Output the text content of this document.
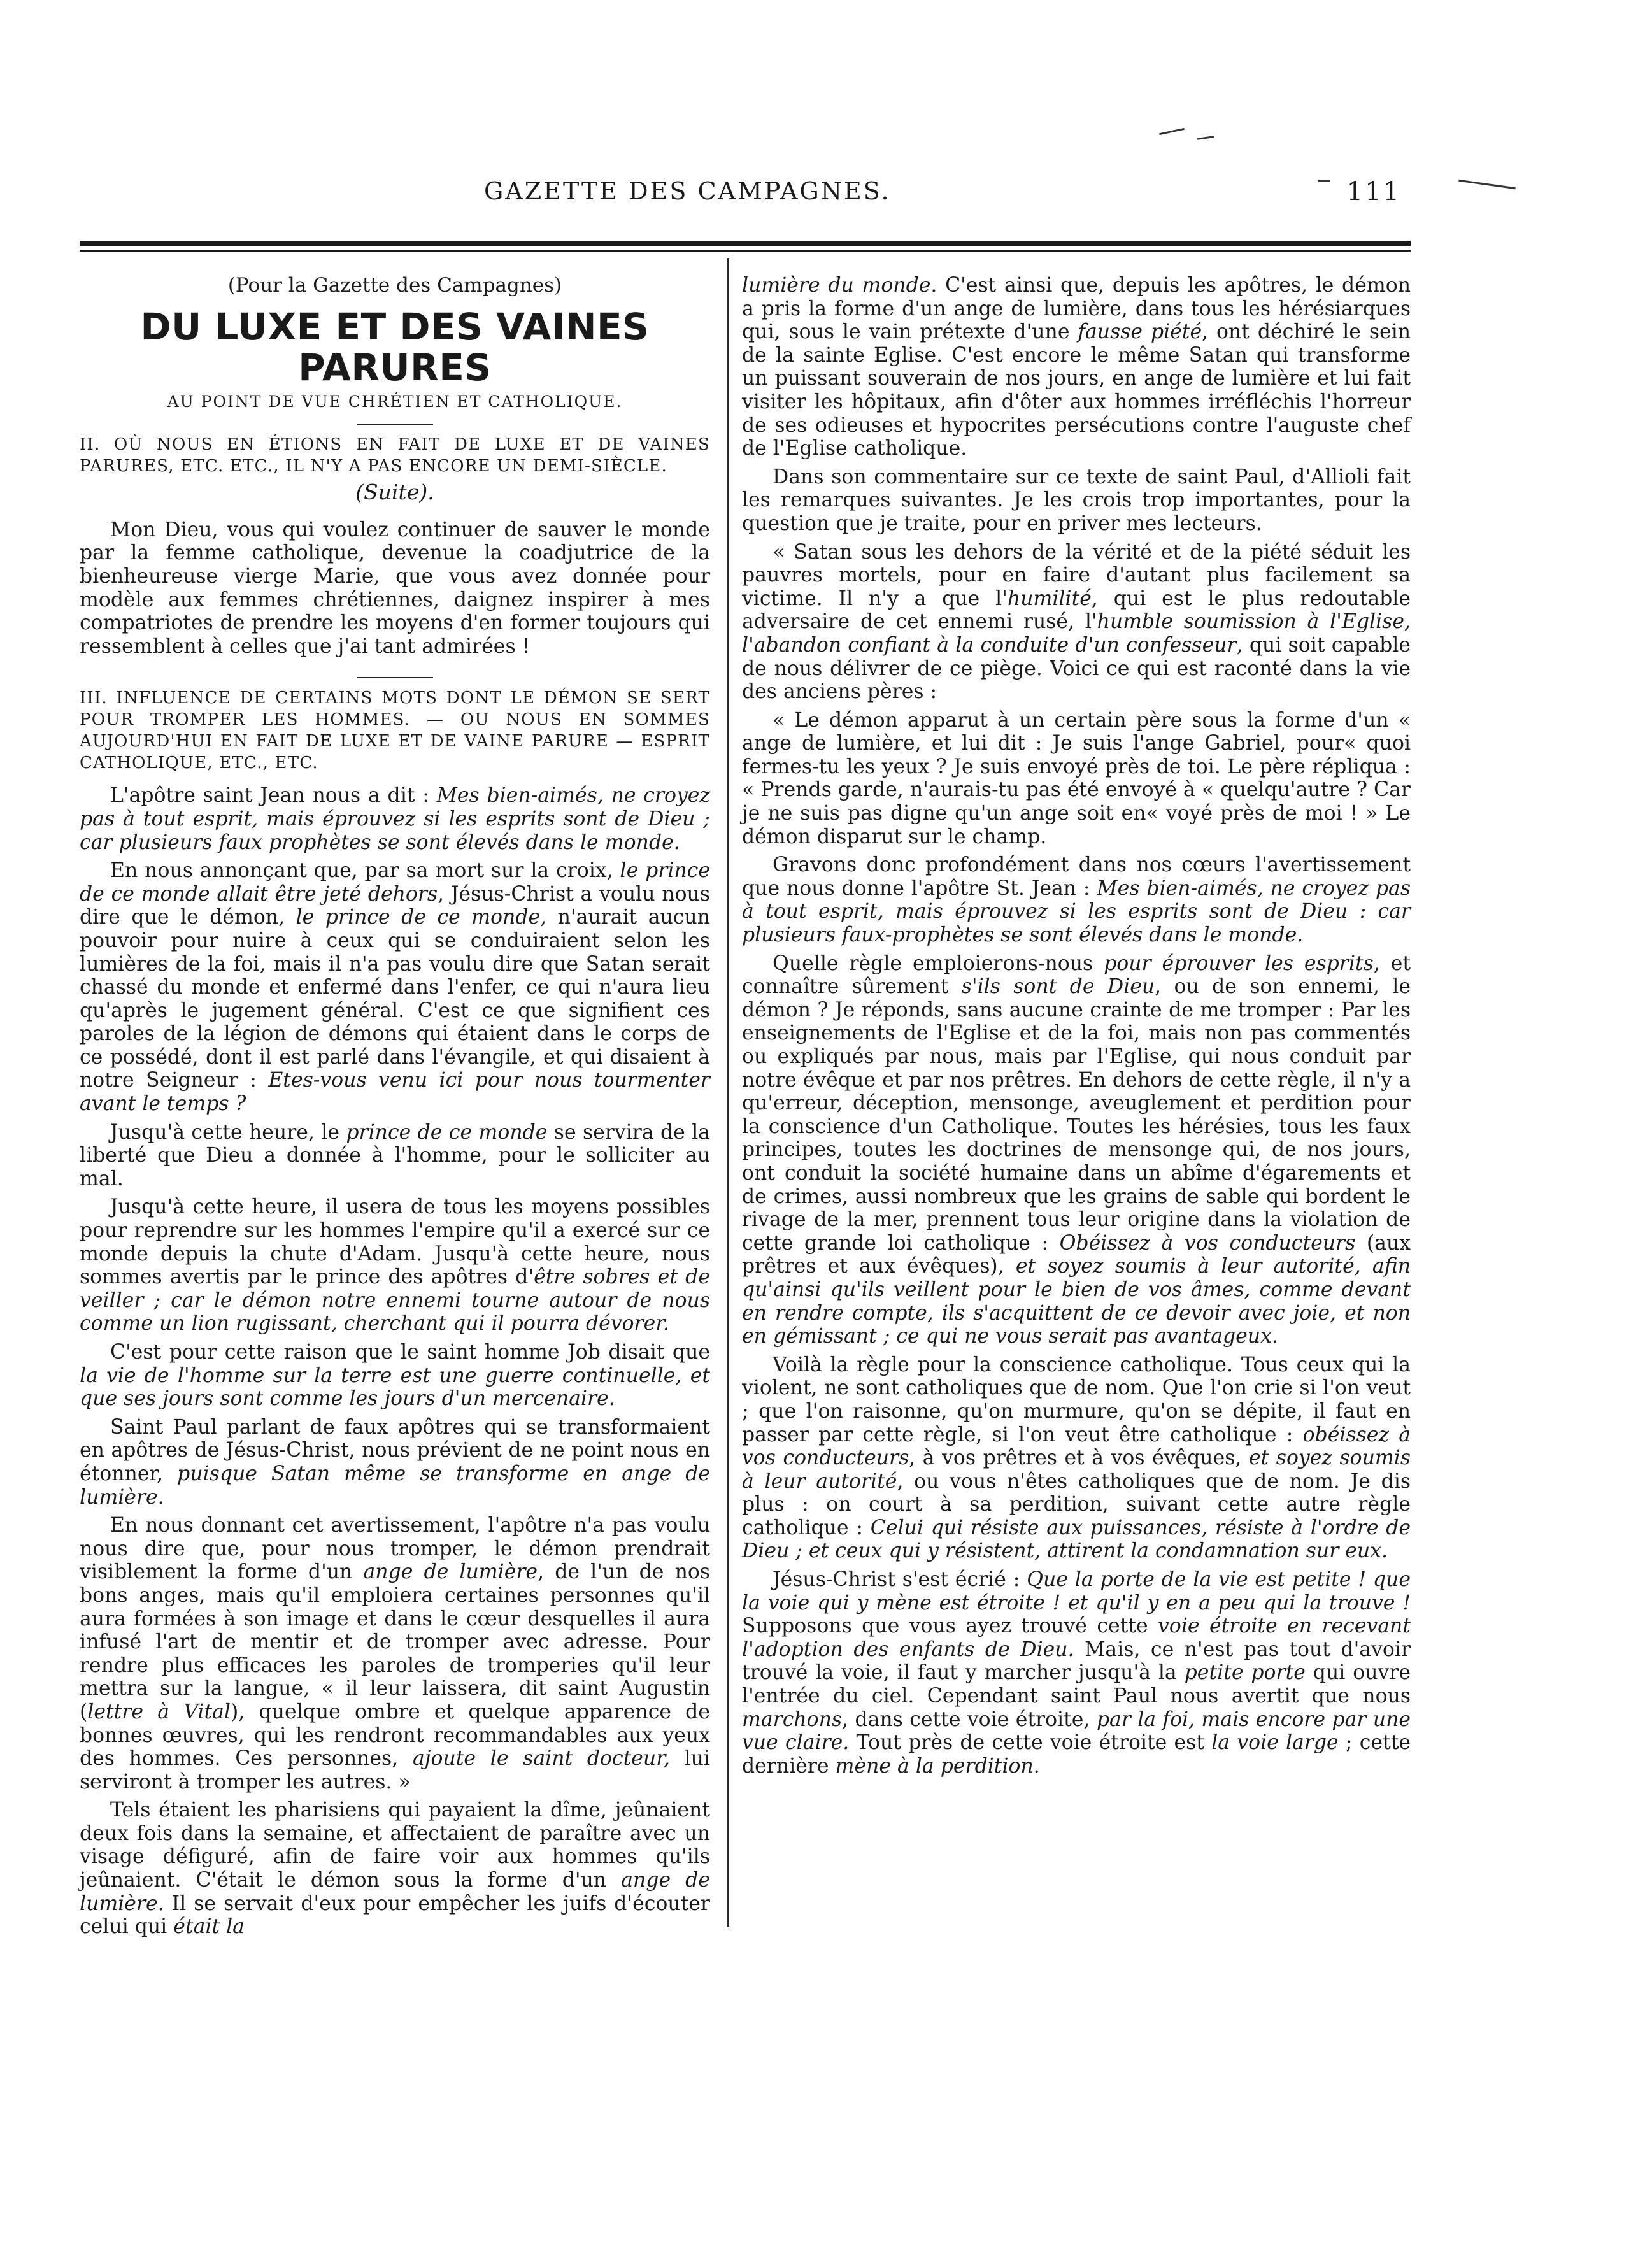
GAZETTE DES CAMPAGNES.	111
(Pour la Gazette des Campagnes)
DU LUXE ET DES VAINES PARURES
AU POINT DE VUE CHRÉTIEN ET CATHOLIQUE.
II. OÙ NOUS EN ÉTIONS EN FAIT DE LUXE ET DE VAINES PARURES, ETC. ETC., IL N'Y A PAS ENCORE UN DEMI-SIÈCLE.
(Suite).

Mon Dieu, vous qui voulez continuer de sauver le monde par la femme catholique, devenue la coadjutrice de la bienheureuse vierge Marie, que vous avez donnée pour modèle aux femmes chrétiennes, daignez inspirer à mes compatriotes de prendre les moyens d'en former toujours qui ressemblent à celles que j'ai tant admirées !

III. INFLUENCE DE CERTAINS MOTS DONT LE DÉMON SE SERT POUR TROMPER LES HOMMES. — OU NOUS EN SOMMES AUJOURD'HUI EN FAIT DE LUXE ET DE VAINE PARURE — ESPRIT CATHOLIQUE, ETC., ETC.

L'apôtre saint Jean nous a dit : Mes bien-aimés, ne croyez pas à tout esprit, mais éprouvez si les esprits sont de Dieu ; car plusieurs faux prophètes se sont élevés dans le monde.

En nous annonçant que, par sa mort sur la croix, le prince de ce monde allait être jeté dehors, Jésus-Christ a voulu nous dire que le démon, le prince de ce monde, n'aurait aucun pouvoir pour nuire à ceux qui se conduiraient selon les lumières de la foi, mais il n'a pas voulu dire que Satan serait chassé du monde et enfermé dans l'enfer, ce qui n'aura lieu qu'après le jugement général. C'est ce que signifient ces paroles de la légion de démons qui étaient dans le corps de ce possédé, dont il est parlé dans l'évangile, et qui disaient à notre Seigneur : Etes-vous venu ici pour nous tourmenter avant le temps ?

Jusqu'à cette heure, le prince de ce monde se servira de la liberté que Dieu a donnée à l'homme, pour le solliciter au mal.

Jusqu'à cette heure, il usera de tous les moyens possibles pour reprendre sur les hommes l'empire qu'il a exercé sur ce monde depuis la chute d'Adam. Jusqu'à cette heure, nous sommes avertis par le prince des apôtres d'être sobres et de veiller ; car le démon notre ennemi tourne autour de nous comme un lion rugissant, cherchant qui il pourra dévorer.

C'est pour cette raison que le saint homme Job disait que la vie de l'homme sur la terre est une guerre continuelle, et que ses jours sont comme les jours d'un mercenaire.

Saint Paul parlant de faux apôtres qui se transformaient en apôtres de Jésus-Christ, nous prévient de ne point nous en étonner, puisque Satan même se transforme en ange de lumière.

En nous donnant cet avertissement, l'apôtre n'a pas voulu nous dire que, pour nous tromper, le démon prendrait visiblement la forme d'un ange de lumière, de l'un de nos bons anges, mais qu'il emploiera certaines personnes qu'il aura formées à son image et dans le cœur desquelles il aura infusé l'art de mentir et de tromper avec adresse. Pour rendre plus efficaces les paroles de tromperies qu'il leur mettra sur la langue, « il leur laissera, dit saint Augustin (lettre à Vital), quelque ombre et quelque apparence de bonnes œuvres, qui les rendront recommandables aux yeux des hommes. Ces personnes, ajoute le saint docteur, lui serviront à tromper les autres. »

Tels étaient les pharisiens qui payaient la dîme, jeûnaient deux fois dans la semaine, et affectaient de paraître avec un visage défiguré, afin de faire voir aux hommes qu'ils jeûnaient. C'était le démon sous la forme d'un ange de lumière. Il se servait d'eux pour empêcher les juifs d'écouter celui qui était la

lumière du monde. C'est ainsi que, depuis les apôtres, le démon a pris la forme d'un ange de lumière, dans tous les hérésiarques qui, sous le vain prétexte d'une fausse piété, ont déchiré le sein de la sainte Eglise. C'est encore le même Satan qui transforme un puissant souverain de nos jours, en ange de lumière et lui fait visiter les hôpitaux, afin d'ôter aux hommes irréfléchis l'horreur de ses odieuses et hypocrites persécutions contre l'auguste chef de l'Eglise catholique.

Dans son commentaire sur ce texte de saint Paul, d'Allioli fait les remarques suivantes. Je les crois trop importantes, pour la question que je traite, pour en priver mes lecteurs.

« Satan sous les dehors de la vérité et de la piété séduit les pauvres mortels, pour en faire d'autant plus facilement sa victime. Il n'y a que l'humilité, qui est le plus redoutable adversaire de cet ennemi rusé, l'humble soumission à l'Eglise, l'abandon confiant à la conduite d'un confesseur, qui soit capable de nous délivrer de ce piège. Voici ce qui est raconté dans la vie des anciens pères :

« Le démon apparut à un certain père sous la forme d'un « ange de lumière, et lui dit : Je suis l'ange Gabriel, pour« quoi fermes-tu les yeux ? Je suis envoyé près de toi. Le père répliqua : « Prends garde, n'aurais-tu pas été envoyé à « quelqu'autre ? Car je ne suis pas digne qu'un ange soit en« voyé près de moi ! » Le démon disparut sur le champ.

Gravons donc profondément dans nos cœurs l'avertissement que nous donne l'apôtre St. Jean : Mes bien-aimés, ne croyez pas à tout esprit, mais éprouvez si les esprits sont de Dieu : car plusieurs faux-prophètes se sont élevés dans le monde.

Quelle règle emploierons-nous pour éprouver les esprits, et connaître sûrement s'ils sont de Dieu, ou de son ennemi, le démon ? Je réponds, sans aucune crainte de me tromper : Par les enseignements de l'Eglise et de la foi, mais non pas commentés ou expliqués par nous, mais par l'Eglise, qui nous conduit par notre évêque et par nos prêtres. En dehors de cette règle, il n'y a qu'erreur, déception, mensonge, aveuglement et perdition pour la conscience d'un Catholique. Toutes les hérésies, tous les faux principes, toutes les doctrines de mensonge qui, de nos jours, ont conduit la société humaine dans un abîme d'égarements et de crimes, aussi nombreux que les grains de sable qui bordent le rivage de la mer, prennent tous leur origine dans la violation de cette grande loi catholique : Obéissez à vos conducteurs (aux prêtres et aux évêques), et soyez soumis à leur autorité, afin qu'ainsi qu'ils veillent pour le bien de vos âmes, comme devant en rendre compte, ils s'acquittent de ce devoir avec joie, et non en gémissant ; ce qui ne vous serait pas avantageux.

Voilà la règle pour la conscience catholique. Tous ceux qui la violent, ne sont catholiques que de nom. Que l'on crie si l'on veut ; que l'on raisonne, qu'on murmure, qu'on se dépite, il faut en passer par cette règle, si l'on veut être catholique : obéissez à vos conducteurs, à vos prêtres et à vos évêques, et soyez soumis à leur autorité, ou vous n'êtes catholiques que de nom. Je dis plus : on court à sa perdition, suivant cette autre règle catholique : Celui qui résiste aux puissances, résiste à l'ordre de Dieu ; et ceux qui y résistent, attirent la condamnation sur eux.

Jésus-Christ s'est écrié : Que la porte de la vie est petite ! que la voie qui y mène est étroite ! et qu'il y en a peu qui la trouve ! Supposons que vous ayez trouvé cette voie étroite en recevant l'adoption des enfants de Dieu. Mais, ce n'est pas tout d'avoir trouvé la voie, il faut y marcher jusqu'à la petite porte qui ouvre l'entrée du ciel. Cependant saint Paul nous avertit que nous marchons, dans cette voie étroite, par la foi, mais encore par une vue claire. Tout près de cette voie étroite est la voie large ; cette dernière mène à la perdition.
